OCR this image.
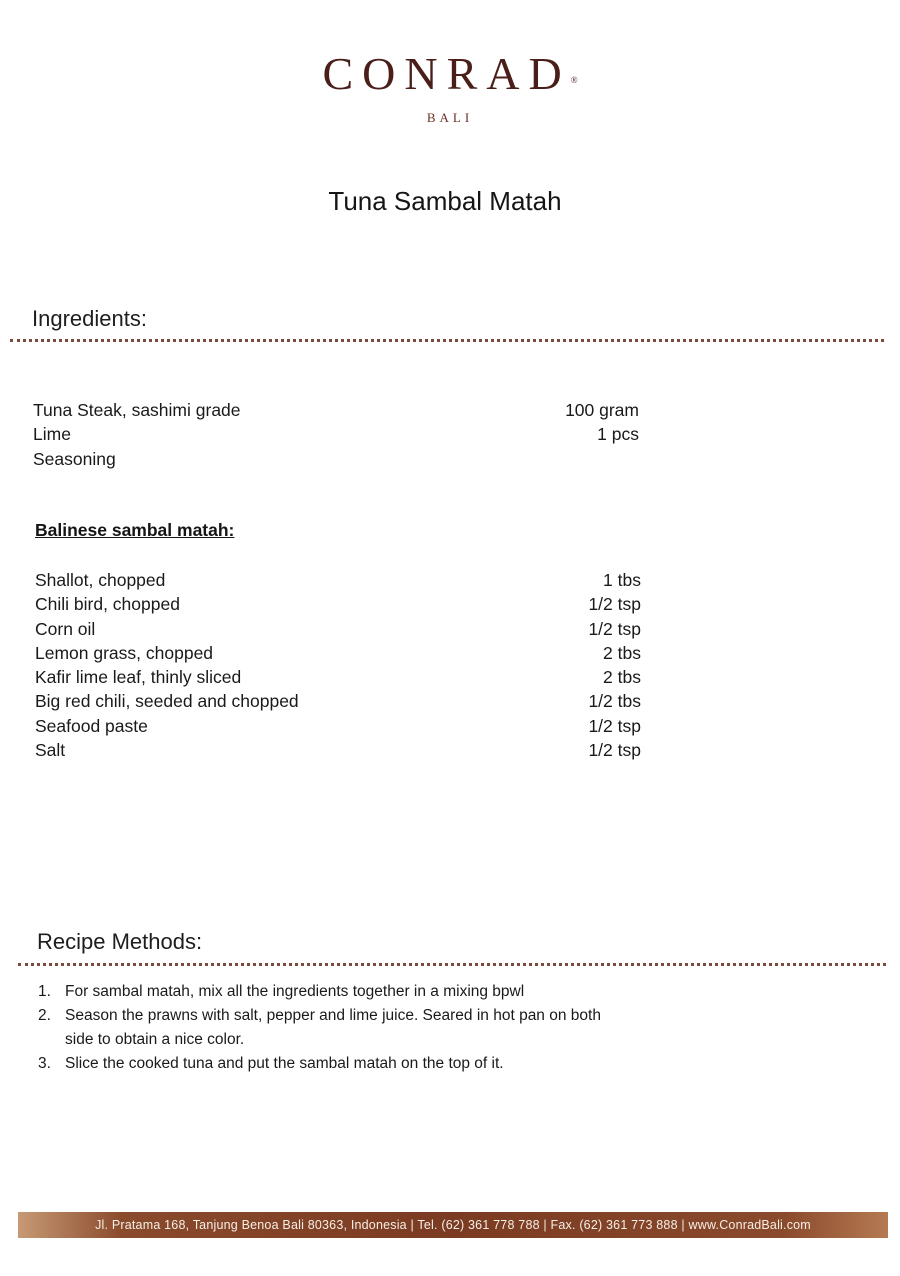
CONRAD®
BALI
Tuna Sambal Matah
Ingredients:
Tuna Steak, sashimi grade	100 gram
Lime	1 pcs
Seasoning
Balinese sambal matah:
Shallot, chopped	1 tbs
Chili bird, chopped	1/2 tsp
Corn oil	1/2 tsp
Lemon grass, chopped	2 tbs
Kafir lime leaf, thinly sliced	2 tbs
Big red chili, seeded and chopped	1/2 tbs
Seafood paste	1/2 tsp
Salt	1/2 tsp
Recipe Methods:
1. For sambal matah, mix all the ingredients together in a mixing bpwl
2. Season the prawns with salt, pepper and lime juice. Seared in hot pan on both side to obtain a nice color.
3. Slice the cooked tuna and put the sambal matah on the top of it.
Jl. Pratama 168, Tanjung Benoa Bali 80363, Indonesia | Tel. (62) 361 778 788 | Fax. (62) 361 773 888 | www.ConradBali.com
